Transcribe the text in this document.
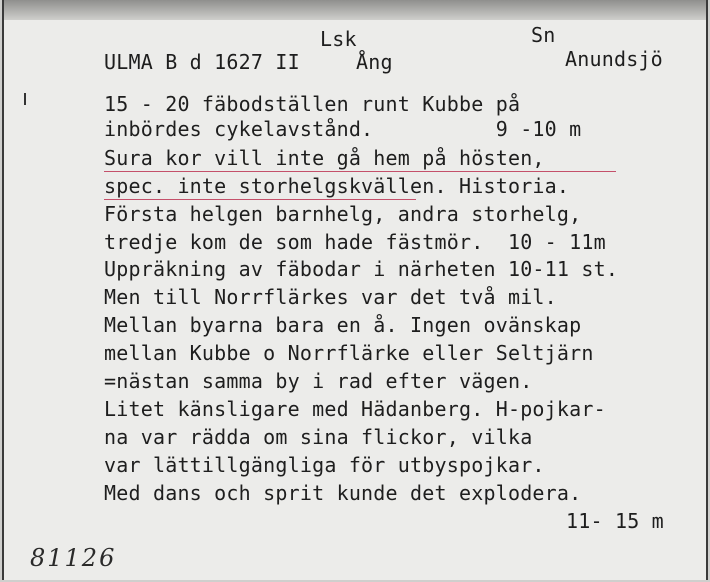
Lsk	Sn
ULMA B d 1627 II	Ång	Anundsjö
15 - 20 fäbodställen runt Kubbe på
inbördes cykelavstånd.          9 -10 m
Sura kor vill inte gå hem på hösten,
spec. inte storhelgskvällen. Historia.
Första helgen barnhelg, andra storhelg,
tredje kom de som hade fästmör.  10 - 11m
Uppräkning av fäbodar i närheten 10-11 st.
Men till Norrflärkes var det två mil.
Mellan byarna bara en å. Ingen ovänskap
mellan Kubbe o Norrflärke eller Seltjärn
=nästan samma by i rad efter vägen.
Litet känsligare med Hädanberg. H-pojkar-
na var rädda om sina flickor, vilka
var lättillgängliga för utbyspojkar.
Med dans och sprit kunde det explodera.
11- 15 m
81126
